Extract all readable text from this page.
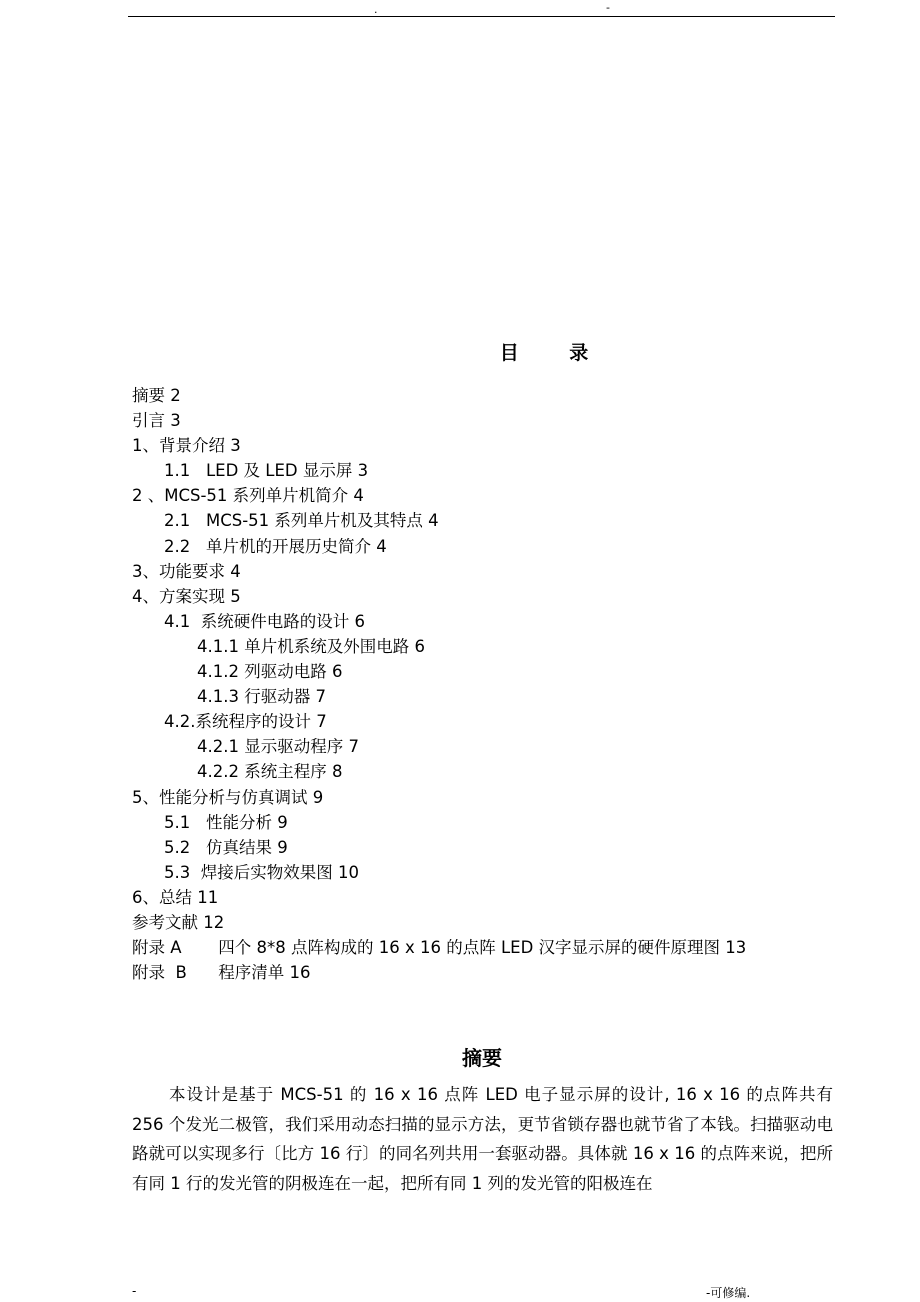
.	-
目 录
摘要 2
引言 3
1、背景介绍 3
1.1   LED 及 LED 显示屏 3
2 、MCS-51 系列单片机简介 4
2.1   MCS-51 系列单片机及其特点 4
2.2   单片机的开展历史简介 4
3、功能要求 4
4、方案实现 5
4.1  系统硬件电路的设计 6
4.1.1 单片机系统及外围电路 6
4.1.2 列驱动电路 6
4.1.3 行驱动器 7
4.2.系统程序的设计 7
4.2.1 显示驱动程序 7
4.2.2 系统主程序 8
5、性能分析与仿真调试 9
5.1   性能分析 9
5.2   仿真结果 9
5.3  焊接后实物效果图 10
6、总结 11
参考文献 12
附录 A       四个 8*8 点阵构成的 16 x 16 的点阵 LED 汉字显示屏的硬件原理图 13
附录  B      程序清单 16
摘要
本设计是基于 MCS-51 的 16 x 16 点阵 LED 电子显示屏的设计, 16 x 16 的点阵共有 256 个发光二极管，我们采用动态扫描的显示方法，更节省锁存器也就节省了本钱。扫描驱动电路就可以实现多行〔比方 16 行〕的同名列共用一套驱动器。具体就 16 x 16 的点阵来说，把所有同 1 行的发光管的阴极连在一起，把所有同 1 列的发光管的阳极连在
-	-可修编.
